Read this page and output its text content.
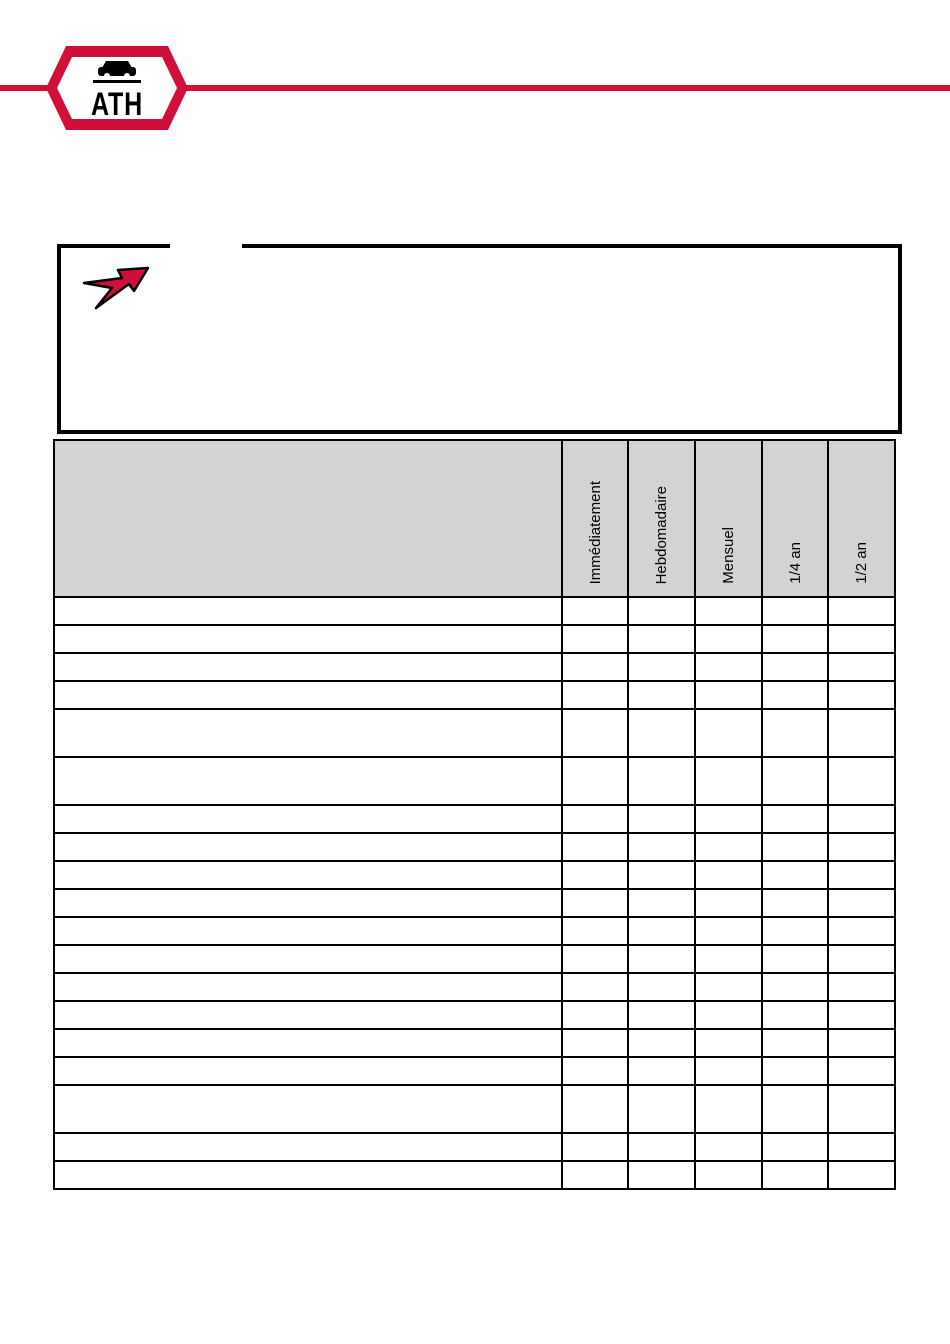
ATH
	Immédiatement	Hebdomadaire	Mensuel	1/4 an	1/2 an
